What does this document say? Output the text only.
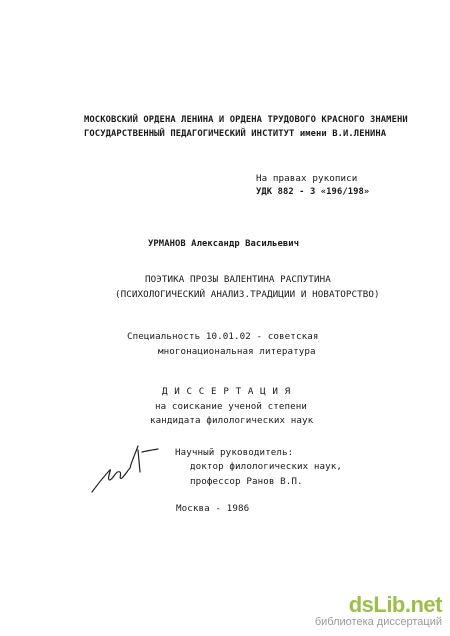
МОСКОВСКИЙ ОРДЕНА ЛЕНИНА И ОРДЕНА ТРУДОВОГО КРАСНОГО ЗНАМЕНИ
ГОСУДАРСТВЕННЫЙ ПЕДАГОГИЧЕСКИЙ ИНСТИТУТ имени В.И.ЛЕНИНА
На правах рукописи
УДК 882 - 3 «196/198»
УРМАНОВ Александр Васильевич
ПОЭТИКА ПРОЗЫ ВАЛЕНТИНА РАСПУТИНА
(ПСИХОЛОГИЧЕСКИЙ АНАЛИЗ.ТРАДИЦИИ И НОВАТОРСТВО)
Специальность 10.01.02 - советская
многонациональная литература
Д И С С Е Р Т А Ц И Я
на соискание ученой степени
кандидата филологических наук
Научный руководитель:
доктор филологических наук,
профессор Ранов В.П.
Москва - 1986
dsLib.net
библиотека диссертаций
